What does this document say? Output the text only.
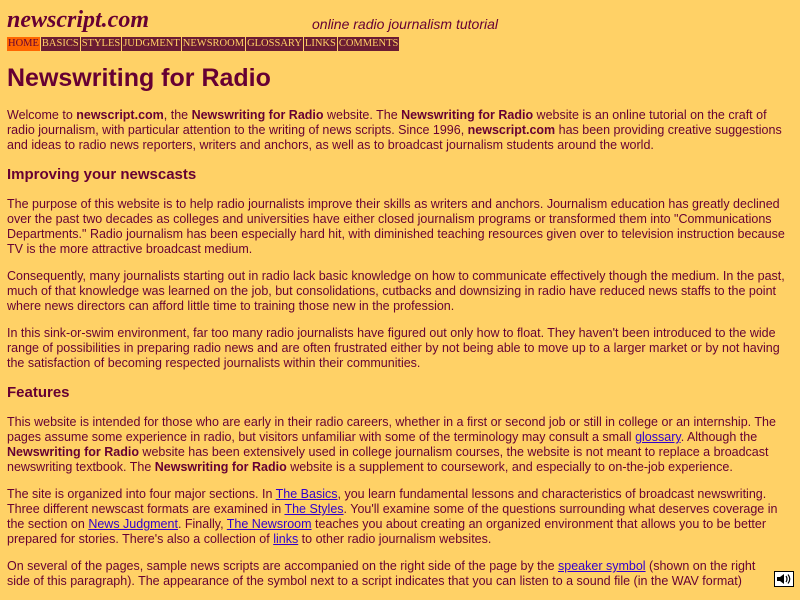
newscript.com	online radio journalism tutorial
HOME BASICS STYLES JUDGMENT NEWSROOM GLOSSARY LINKS COMMENTS
Newswriting for Radio

Welcome to newscript.com, the Newswriting for Radio website. The Newswriting for Radio website is an online tutorial on the craft of radio journalism, with particular attention to the writing of news scripts. Since 1996, newscript.com has been providing creative suggestions and ideas to radio news reporters, writers and anchors, as well as to broadcast journalism students around the world.

Improving your newscasts

The purpose of this website is to help radio journalists improve their skills as writers and anchors. Journalism education has greatly declined over the past two decades as colleges and universities have either closed journalism programs or transformed them into "Communications Departments." Radio journalism has been especially hard hit, with diminished teaching resources given over to television instruction because TV is the more attractive broadcast medium.

Consequently, many journalists starting out in radio lack basic knowledge on how to communicate effectively though the medium. In the past, much of that knowledge was learned on the job, but consolidations, cutbacks and downsizing in radio have reduced news staffs to the point where news directors can afford little time to training those new in the profession.

In this sink-or-swim environment, far too many radio journalists have figured out only how to float. They haven't been introduced to the wide range of possibilities in preparing radio news and are often frustrated either by not being able to move up to a larger market or by not having the satisfaction of becoming respected journalists within their communities.

Features

This website is intended for those who are early in their radio careers, whether in a first or second job or still in college or an internship. The pages assume some experience in radio, but visitors unfamiliar with some of the terminology may consult a small glossary. Although the Newswriting for Radio website has been extensively used in college journalism courses, the website is not meant to replace a broadcast newswriting textbook. The Newswriting for Radio website is a supplement to coursework, and especially to on-the-job experience.

The site is organized into four major sections. In The Basics, you learn fundamental lessons and characteristics of broadcast newswriting. Three different newscast formats are examined in The Styles. You'll examine some of the questions surrounding what deserves coverage in the section on News Judgment. Finally, The Newsroom teaches you about creating an organized environment that allows you to be better prepared for stories. There's also a collection of links to other radio journalism websites.

On several of the pages, sample news scripts are accompanied on the right side of the page by the speaker symbol (shown on the right side of this paragraph). The appearance of the symbol next to a script indicates that you can listen to a sound file (in the WAV format)
